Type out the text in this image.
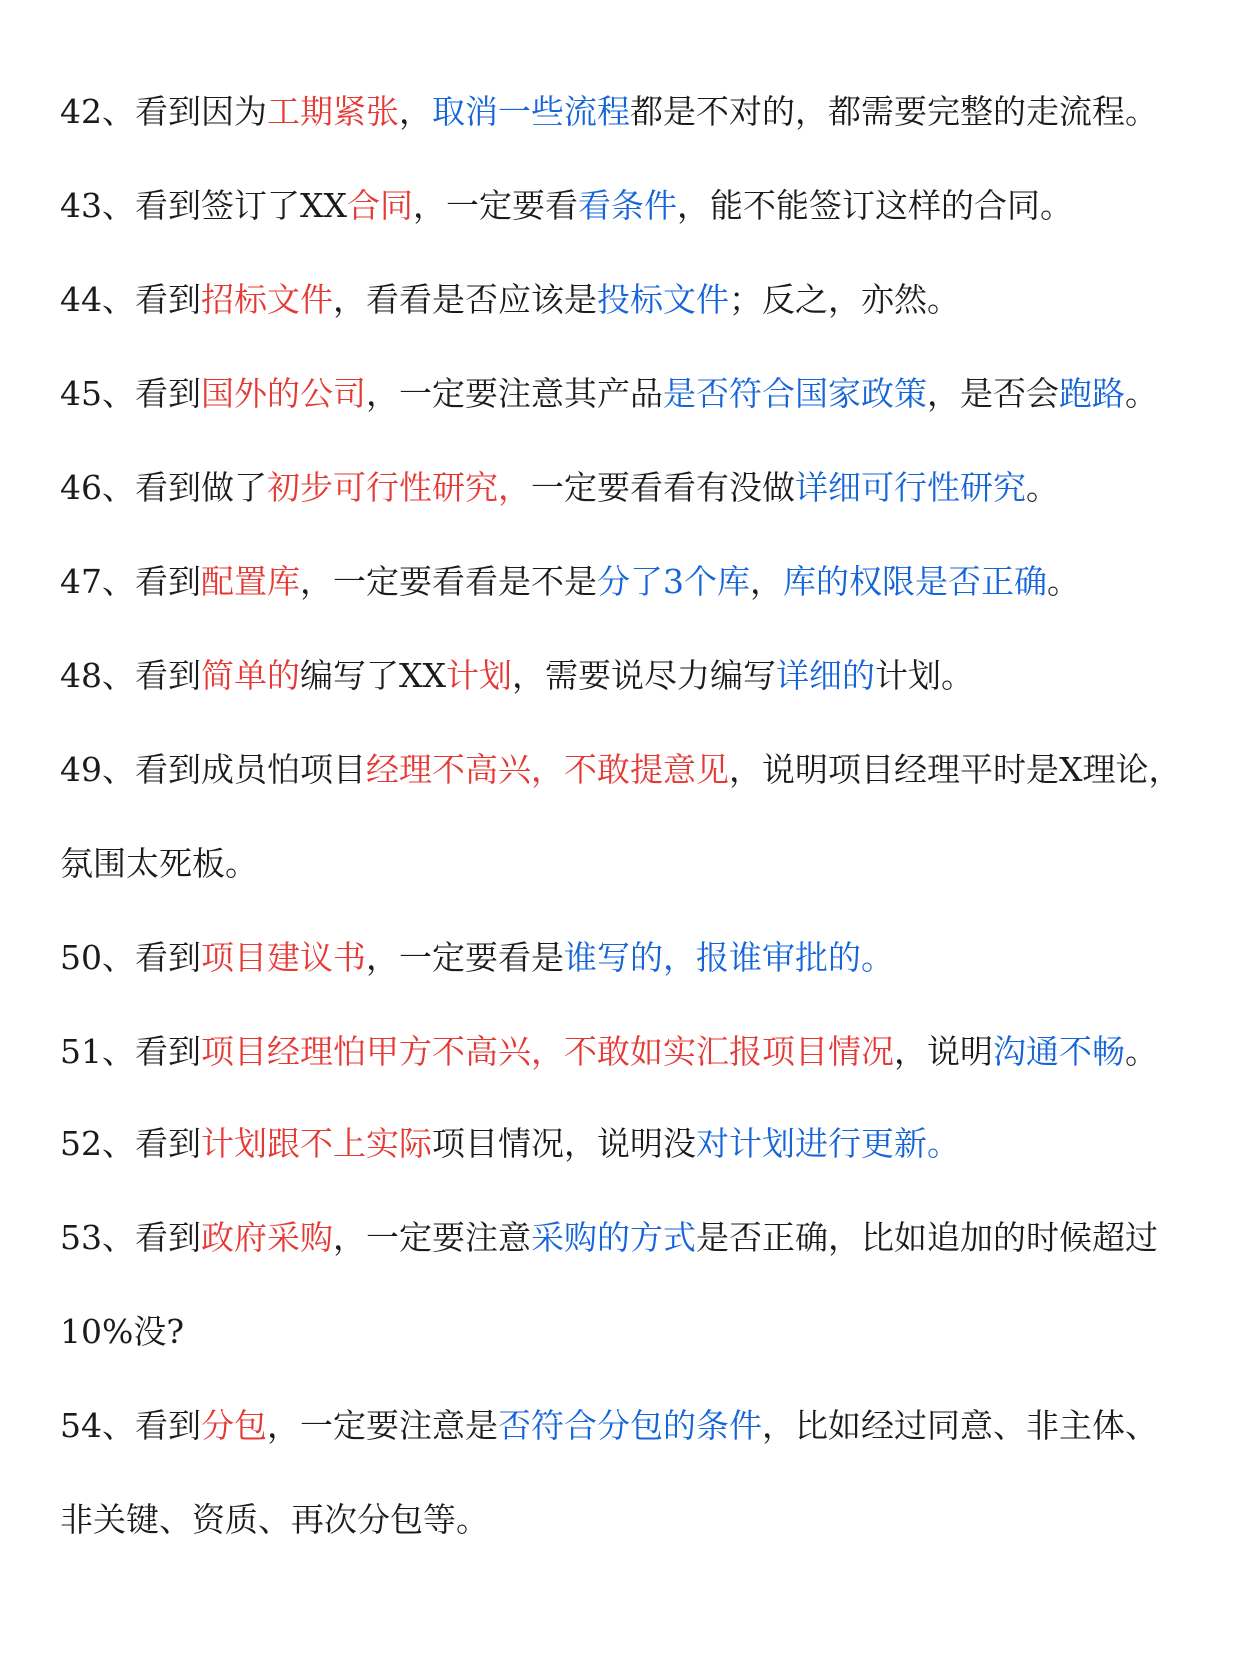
42、看到因为工期紧张，取消一些流程都是不对的，都需要完整的走流程。
43、看到签订了XX合同，一定要看看条件，能不能签订这样的合同。
44、看到招标文件，看看是否应该是投标文件；反之，亦然。
45、看到国外的公司，一定要注意其产品是否符合国家政策，是否会跑路。
46、看到做了初步可行性研究，一定要看看有没做详细可行性研究。
47、看到配置库，一定要看看是不是分了3个库，库的权限是否正确。
48、看到简单的编写了XX计划，需要说尽力编写详细的计划。
49、看到成员怕项目经理不高兴，不敢提意见，说明项目经理平时是X理论，
氛围太死板。
50、看到项目建议书，一定要看是谁写的，报谁审批的。
51、看到项目经理怕甲方不高兴，不敢如实汇报项目情况，说明沟通不畅。
52、看到计划跟不上实际项目情况，说明没对计划进行更新。
53、看到政府采购，一定要注意采购的方式是否正确，比如追加的时候超过
10%没?
54、看到分包，一定要注意是否符合分包的条件，比如经过同意、非主体、
非关键、资质、再次分包等。
